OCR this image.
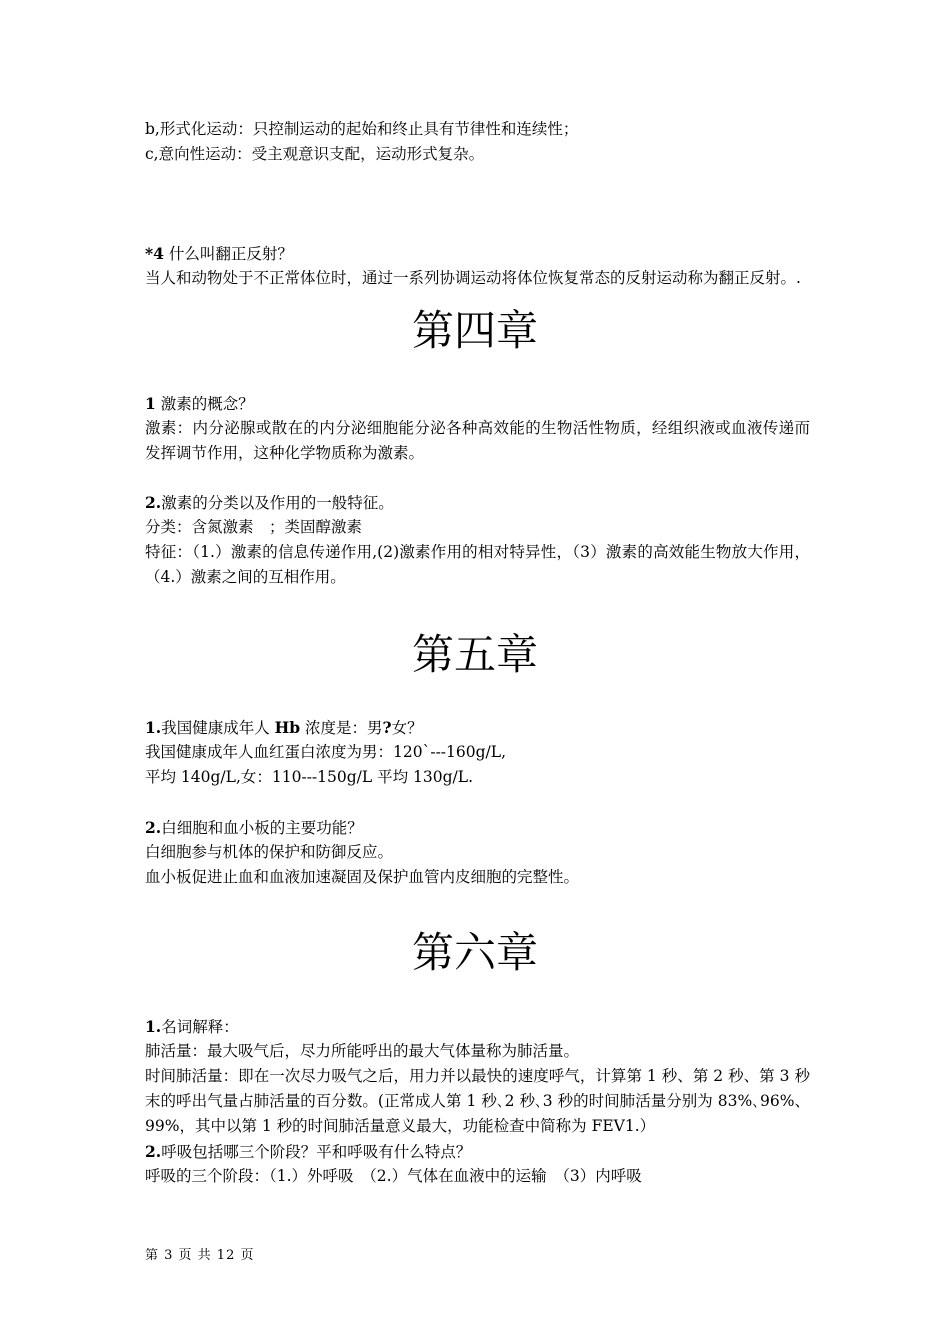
b,形式化运动：只控制运动的起始和终止具有节律性和连续性；
c,意向性运动：受主观意识支配，运动形式复杂。
*4 什么叫翻正反射？
当人和动物处于不正常体位时，通过一系列协调运动将体位恢复常态的反射运动称为翻正反射。.
第四章
1 激素的概念？
激素：内分泌腺或散在的内分泌细胞能分泌各种高效能的生物活性物质，经组织液或血液传递而发挥调节作用，这种化学物质称为激素。
2.激素的分类以及作用的一般特征。
分类：含氮激素　；类固醇激素
特征：（1.）激素的信息传递作用,(2)激素作用的相对特异性，（3）激素的高效能生物放大作用，（4.）激素之间的互相作用。
第五章
1.我国健康成年人 Hb 浓度是：男?女？
我国健康成年人血红蛋白浓度为男：120`---160g/L,
平均 140g/L,女：110---150g/L 平均 130g/L.
2.白细胞和血小板的主要功能？
白细胞参与机体的保护和防御反应。
血小板促进止血和血液加速凝固及保护血管内皮细胞的完整性。
第六章
1.名词解释：
肺活量：最大吸气后，尽力所能呼出的最大气体量称为肺活量。
时间肺活量：即在一次尽力吸气之后，用力并以最快的速度呼气，计算第 1 秒、第 2 秒、第 3 秒末的呼出气量占肺活量的百分数。(正常成人第 1 秒､2 秒､3 秒的时间肺活量分别为 83%､96%、99%，其中以第 1 秒的时间肺活量意义最大，功能检查中简称为 FEV1.）
2.呼吸包括哪三个阶段？平和呼吸有什么特点？
呼吸的三个阶段：（1.）外呼吸　（2.）气体在血液中的运输　（3）内呼吸
第 3 页 共 12 页
